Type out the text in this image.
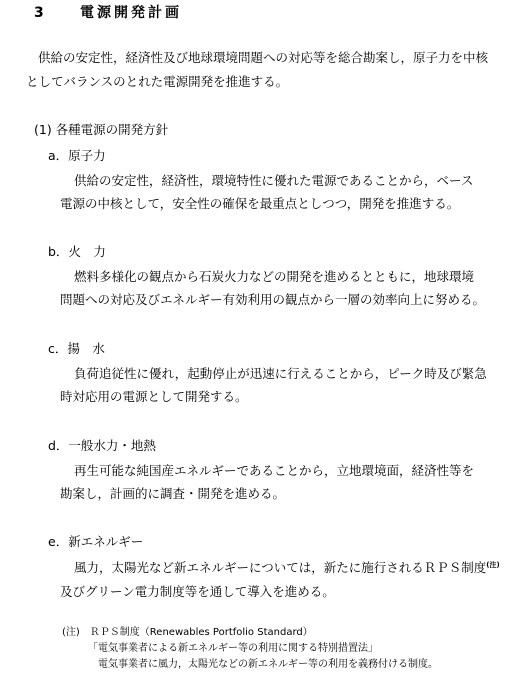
3	電源開発計画
供給の安定性，経済性及び地球環境問題への対応等を総合勘案し，原子力を中核
としてバランスのとれた電源開発を推進する。
(1) 各種電源の開発方針
a．原子力
供給の安定性，経済性，環境特性に優れた電源であることから，ベース
電源の中核として，安全性の確保を最重点としつつ，開発を推進する。
b．火　力
燃料多様化の観点から石炭火力などの開発を進めるとともに，地球環境
問題への対応及びエネルギー有効利用の観点から一層の効率向上に努める。
c．揚　水
負荷追従性に優れ，起動停止が迅速に行えることから，ピーク時及び緊急
時対応用の電源として開発する。
d．一般水力・地熱
再生可能な純国産エネルギーであることから，立地環境面，経済性等を
勘案し，計画的に調査・開発を進める。
e．新エネルギー
風力，太陽光など新エネルギーについては，新たに施行されるＲＰＳ制度$^{(注)}$
及びグリーン電力制度等を通して導入を進める。
(注)　ＲＰＳ制度（Renewables Portfolio Standard）
「電気事業者による新エネルギー等の利用に関する特別措置法」
電気事業者に風力，太陽光などの新エネルギー等の利用を義務付ける制度。
